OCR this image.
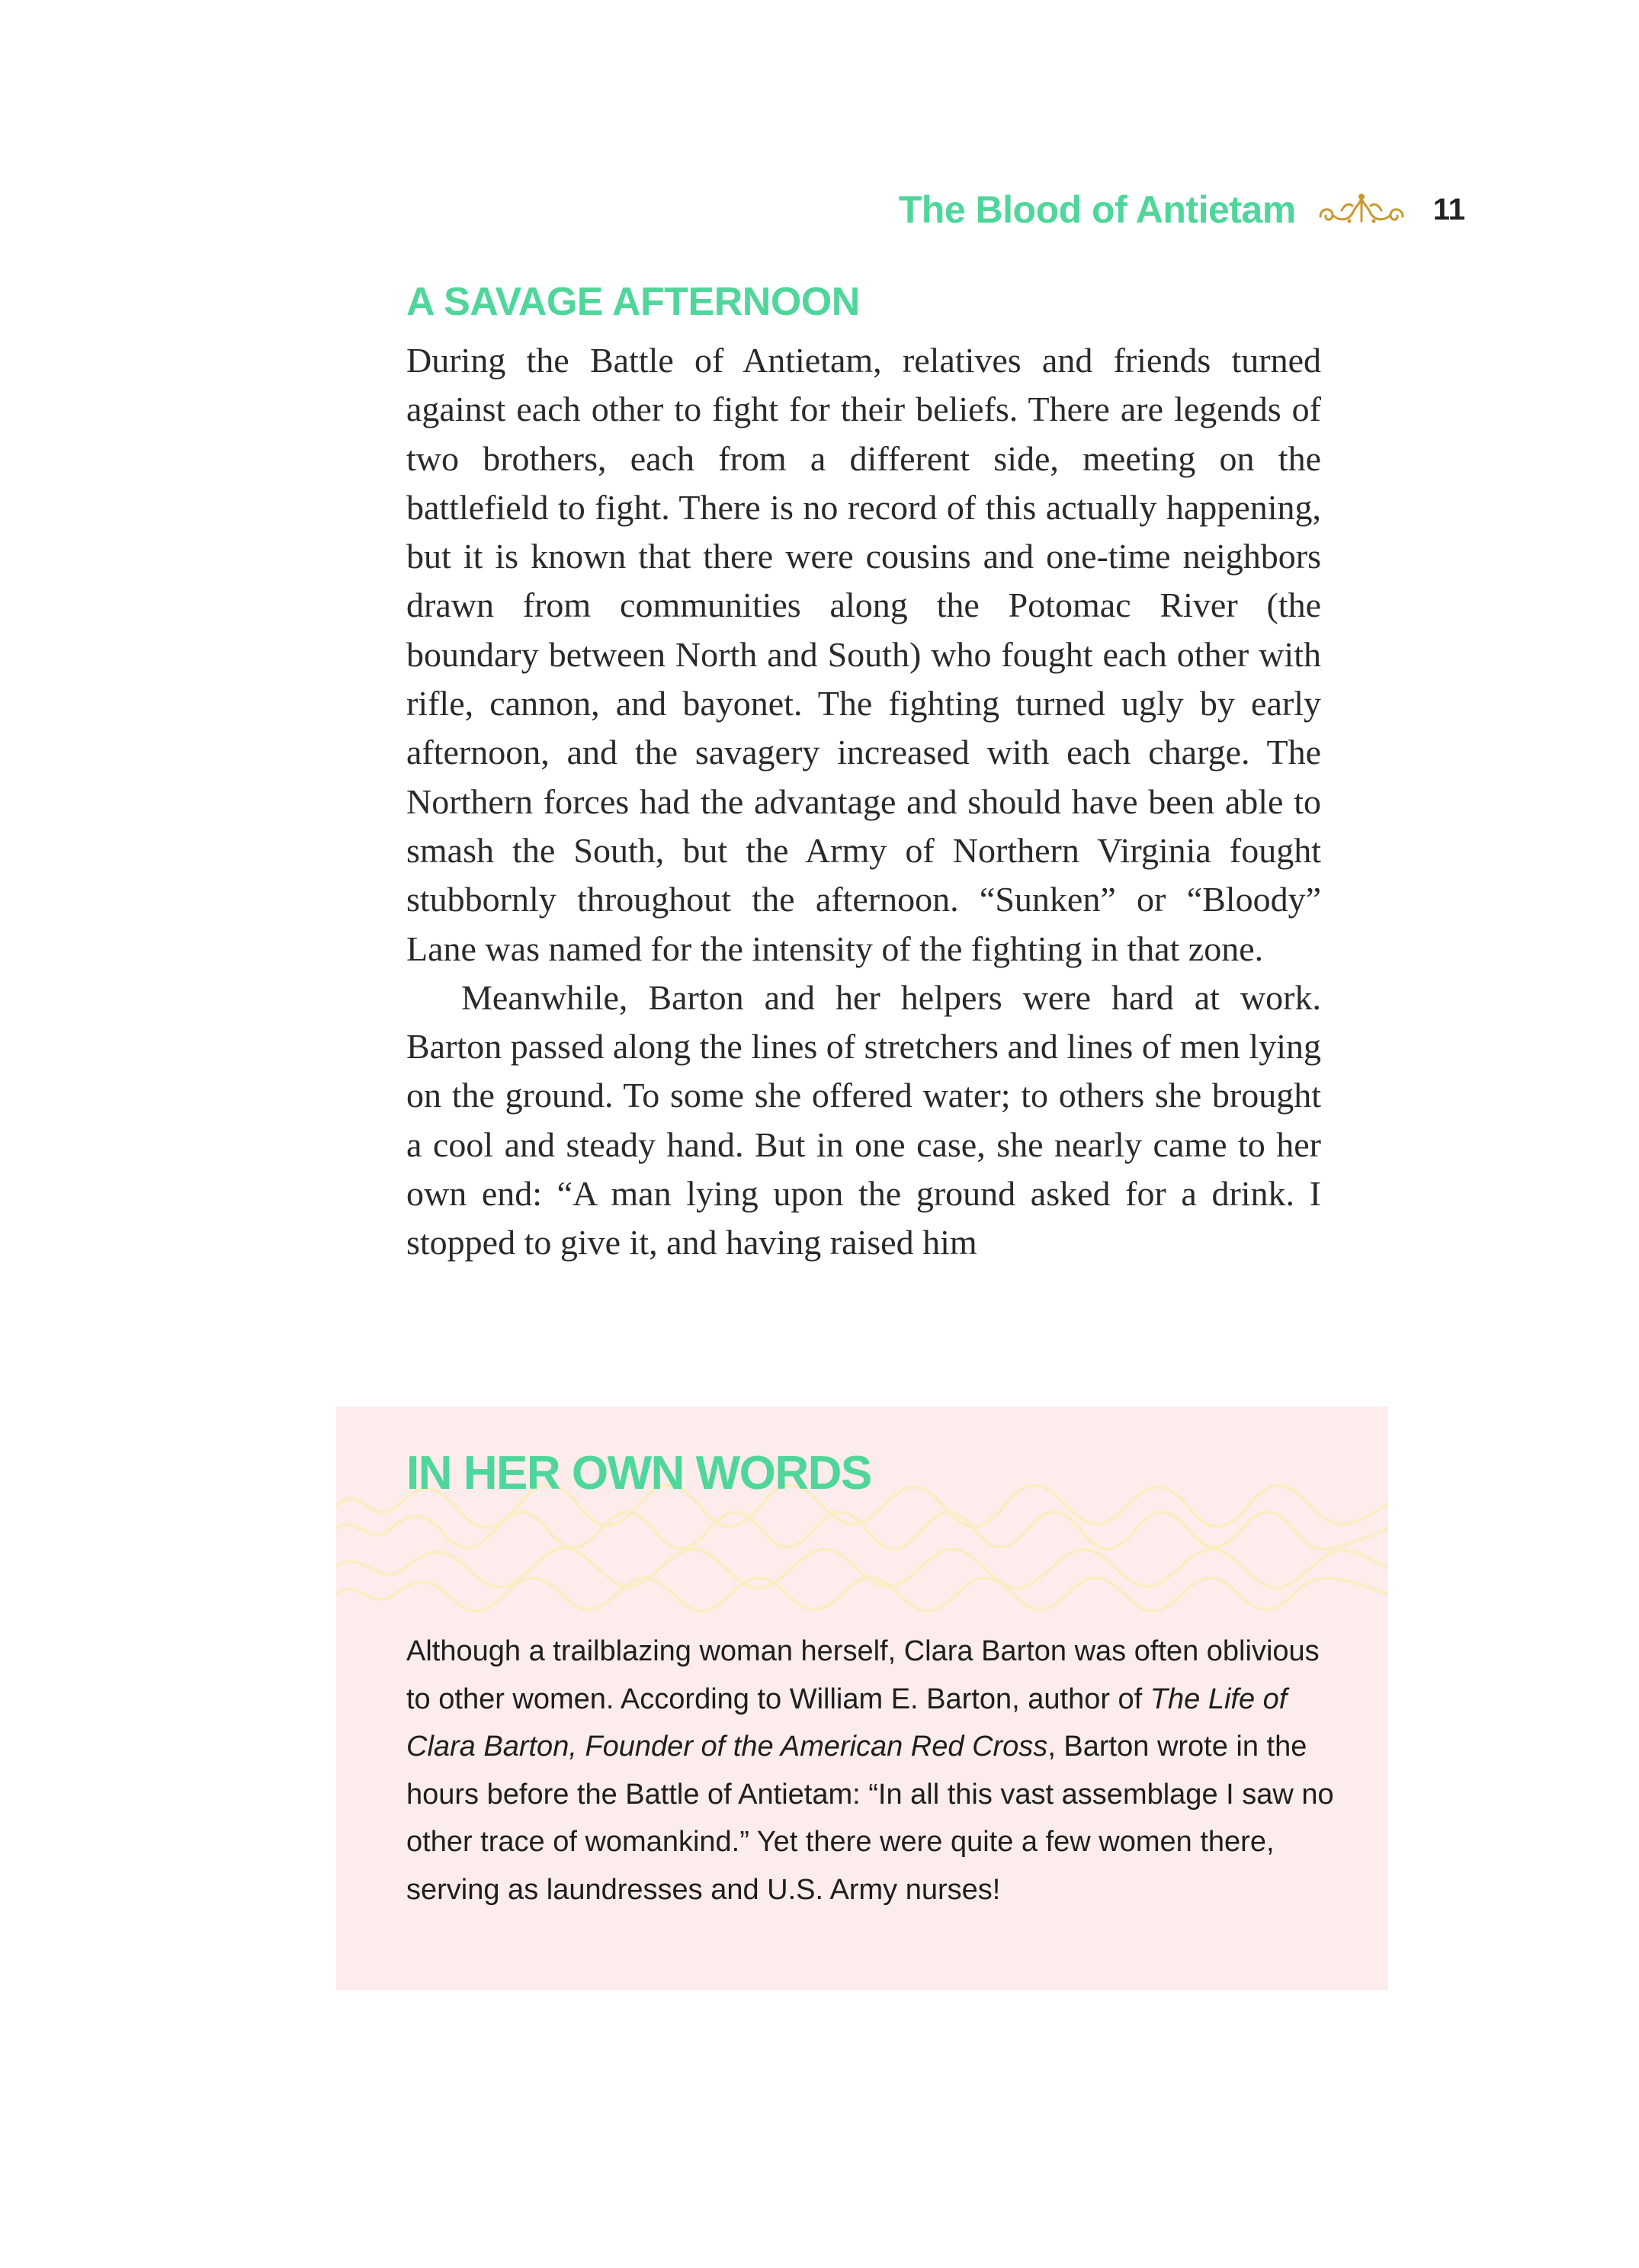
The Blood of Antietam	11
A SAVAGE AFTERNOON

During the Battle of Antietam, relatives and friends turned against each other to fight for their beliefs. There are legends of two brothers, each from a different side, meeting on the battlefield to fight. There is no record of this actually happening, but it is known that there were cousins and one-time neighbors drawn from communities along the Potomac River (the boundary between North and South) who fought each other with rifle, cannon, and bayonet. The fighting turned ugly by early afternoon, and the savagery increased with each charge. The Northern forces had the advantage and should have been able to smash the South, but the Army of Northern Virginia fought stubbornly throughout the afternoon. “Sunken” or “Bloody” Lane was named for the intensity of the fighting in that zone.

Meanwhile, Barton and her helpers were hard at work. Barton passed along the lines of stretchers and lines of men lying on the ground. To some she offered water; to others she brought a cool and steady hand. But in one case, she nearly came to her own end: “A man lying upon the ground asked for a drink. I stopped to give it, and having raised him

IN HER OWN WORDS

Although a trailblazing woman herself, Clara Barton was often oblivious to other women. According to William E. Barton, author of The Life of Clara Barton, Founder of the American Red Cross, Barton wrote in the hours before the Battle of Antietam: “In all this vast assemblage I saw no other trace of womankind.” Yet there were quite a few women there, serving as laundresses and U.S. Army nurses!
